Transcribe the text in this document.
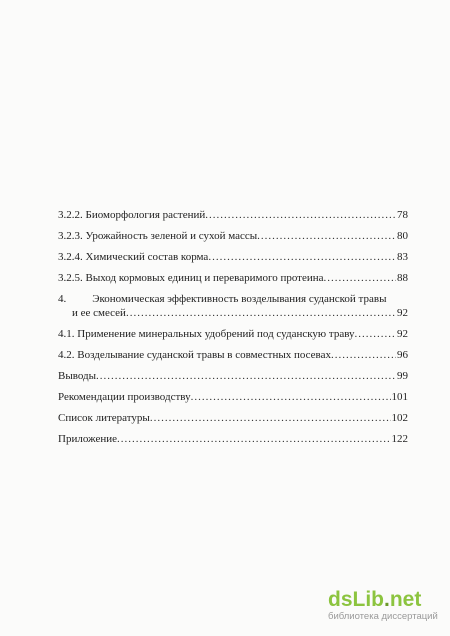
3.2.2. Биоморфология растений .....	78
3.2.3. Урожайность зеленой и сухой массы .....	80
3.2.4. Химический состав корма .....	83
3.2.5. Выход кормовых единиц и переваримого протеина .....	88
4. Экономическая эффективность возделывания суданской травы
и ее смесей .....	92
4.1. Применение минеральных удобрений под суданскую траву .....	92
4.2. Возделывание суданской травы в совместных посевах .....	96
Выводы .....	99
Рекомендации производству .....	101
Список литературы .....	102
Приложение .....	122
dsLib.net
библиотека диссертаций
